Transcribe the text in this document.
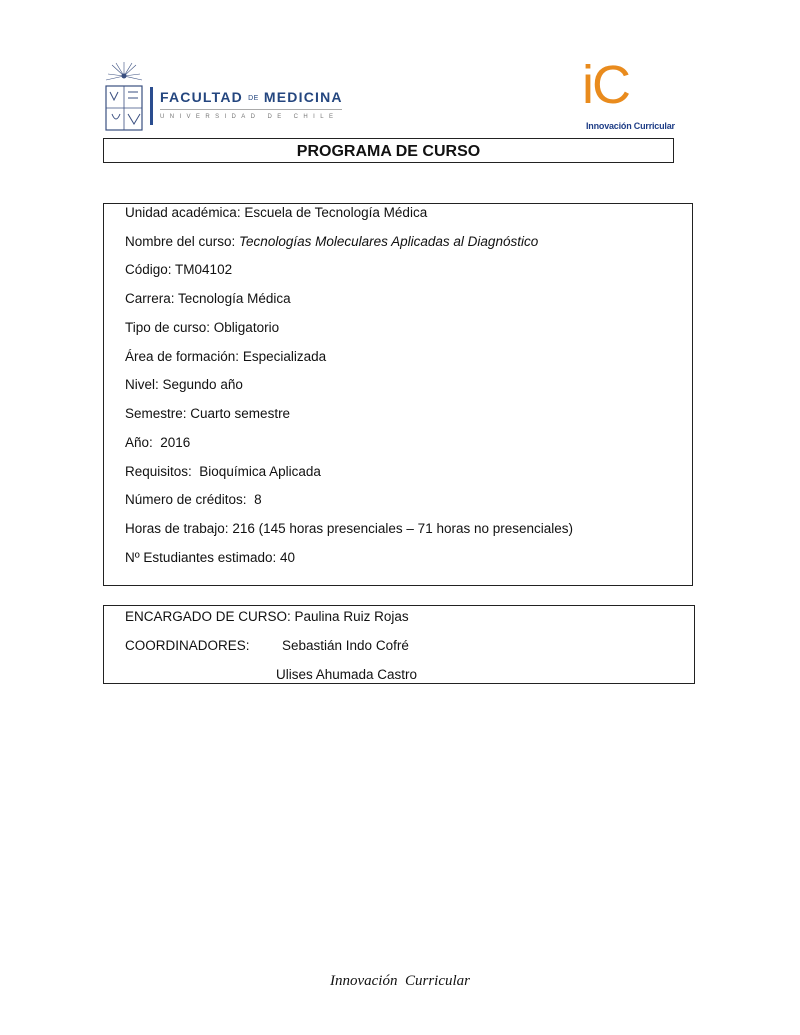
FACULTAD DE MEDICINA
UNIVERSIDAD DE CHILE
iC
Innovación Curricular
PROGRAMA DE CURSO
Unidad académica: Escuela de Tecnología Médica
Nombre del curso: Tecnologías Moleculares Aplicadas al Diagnóstico
Código: TM04102
Carrera: Tecnología Médica
Tipo de curso: Obligatorio
Área de formación: Especializada
Nivel: Segundo año
Semestre: Cuarto semestre
Año:  2016
Requisitos:  Bioquímica Aplicada
Número de créditos:  8
Horas de trabajo: 216 (145 horas presenciales – 71 horas no presenciales)
Nº Estudiantes estimado: 40
ENCARGADO DE CURSO: Paulina Ruiz Rojas
COORDINADORES: Sebastián Indo Cofré
Ulises Ahumada Castro
Innovación  Curricular
